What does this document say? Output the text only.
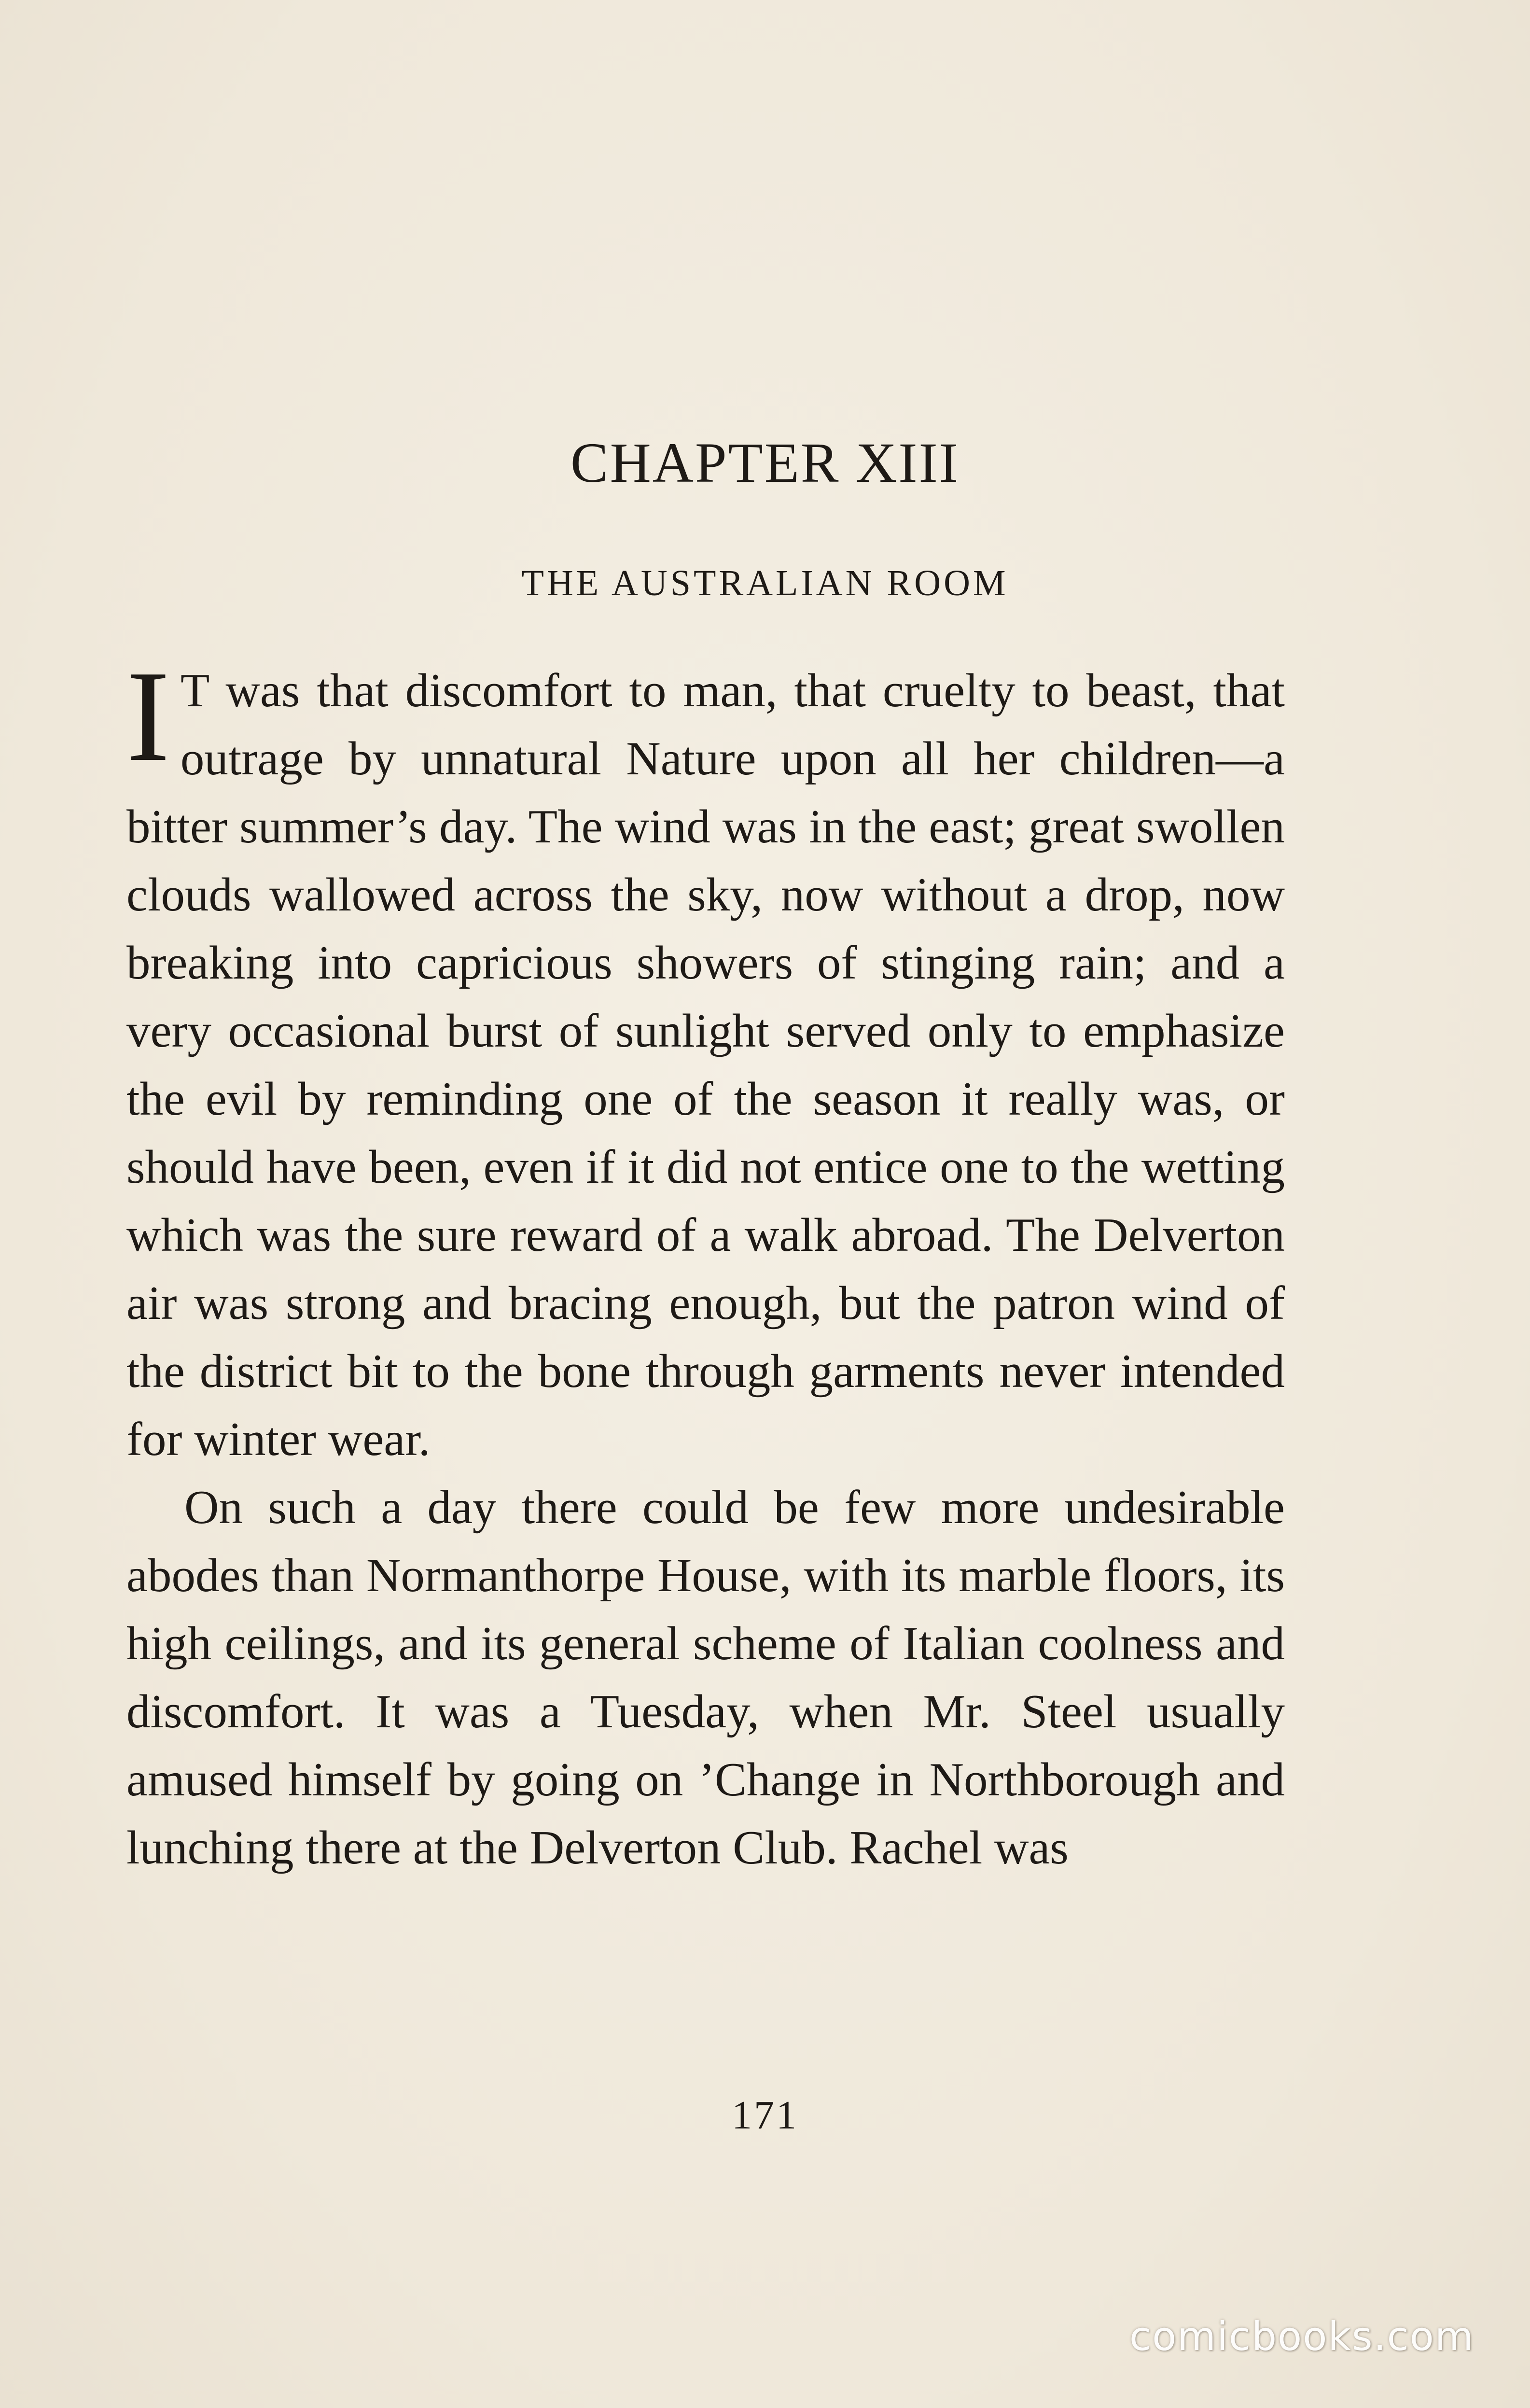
CHAPTER XIII
THE AUSTRALIAN ROOM

I T was that discomfort to man, that cruelty to beast, that outrage by unnatural Nature upon all her children—a bitter summer’s day. The wind was in the east; great swollen clouds wallowed across the sky, now without a drop, now breaking into capricious showers of stinging rain; and a very occasional burst of sunlight served only to emphasize the evil by reminding one of the season it really was, or should have been, even if it did not entice one to the wetting which was the sure reward of a walk abroad. The Delverton air was strong and bracing enough, but the patron wind of the district bit to the bone through garments never intended for winter wear.

On such a day there could be few more undesirable abodes than Normanthorpe House, with its marble floors, its high ceilings, and its general scheme of Italian coolness and discomfort. It was a Tuesday, when Mr. Steel usually amused himself by going on ’Change in Northborough and lunching there at the Delverton Club. Rachel was

171
comicbooks.com
